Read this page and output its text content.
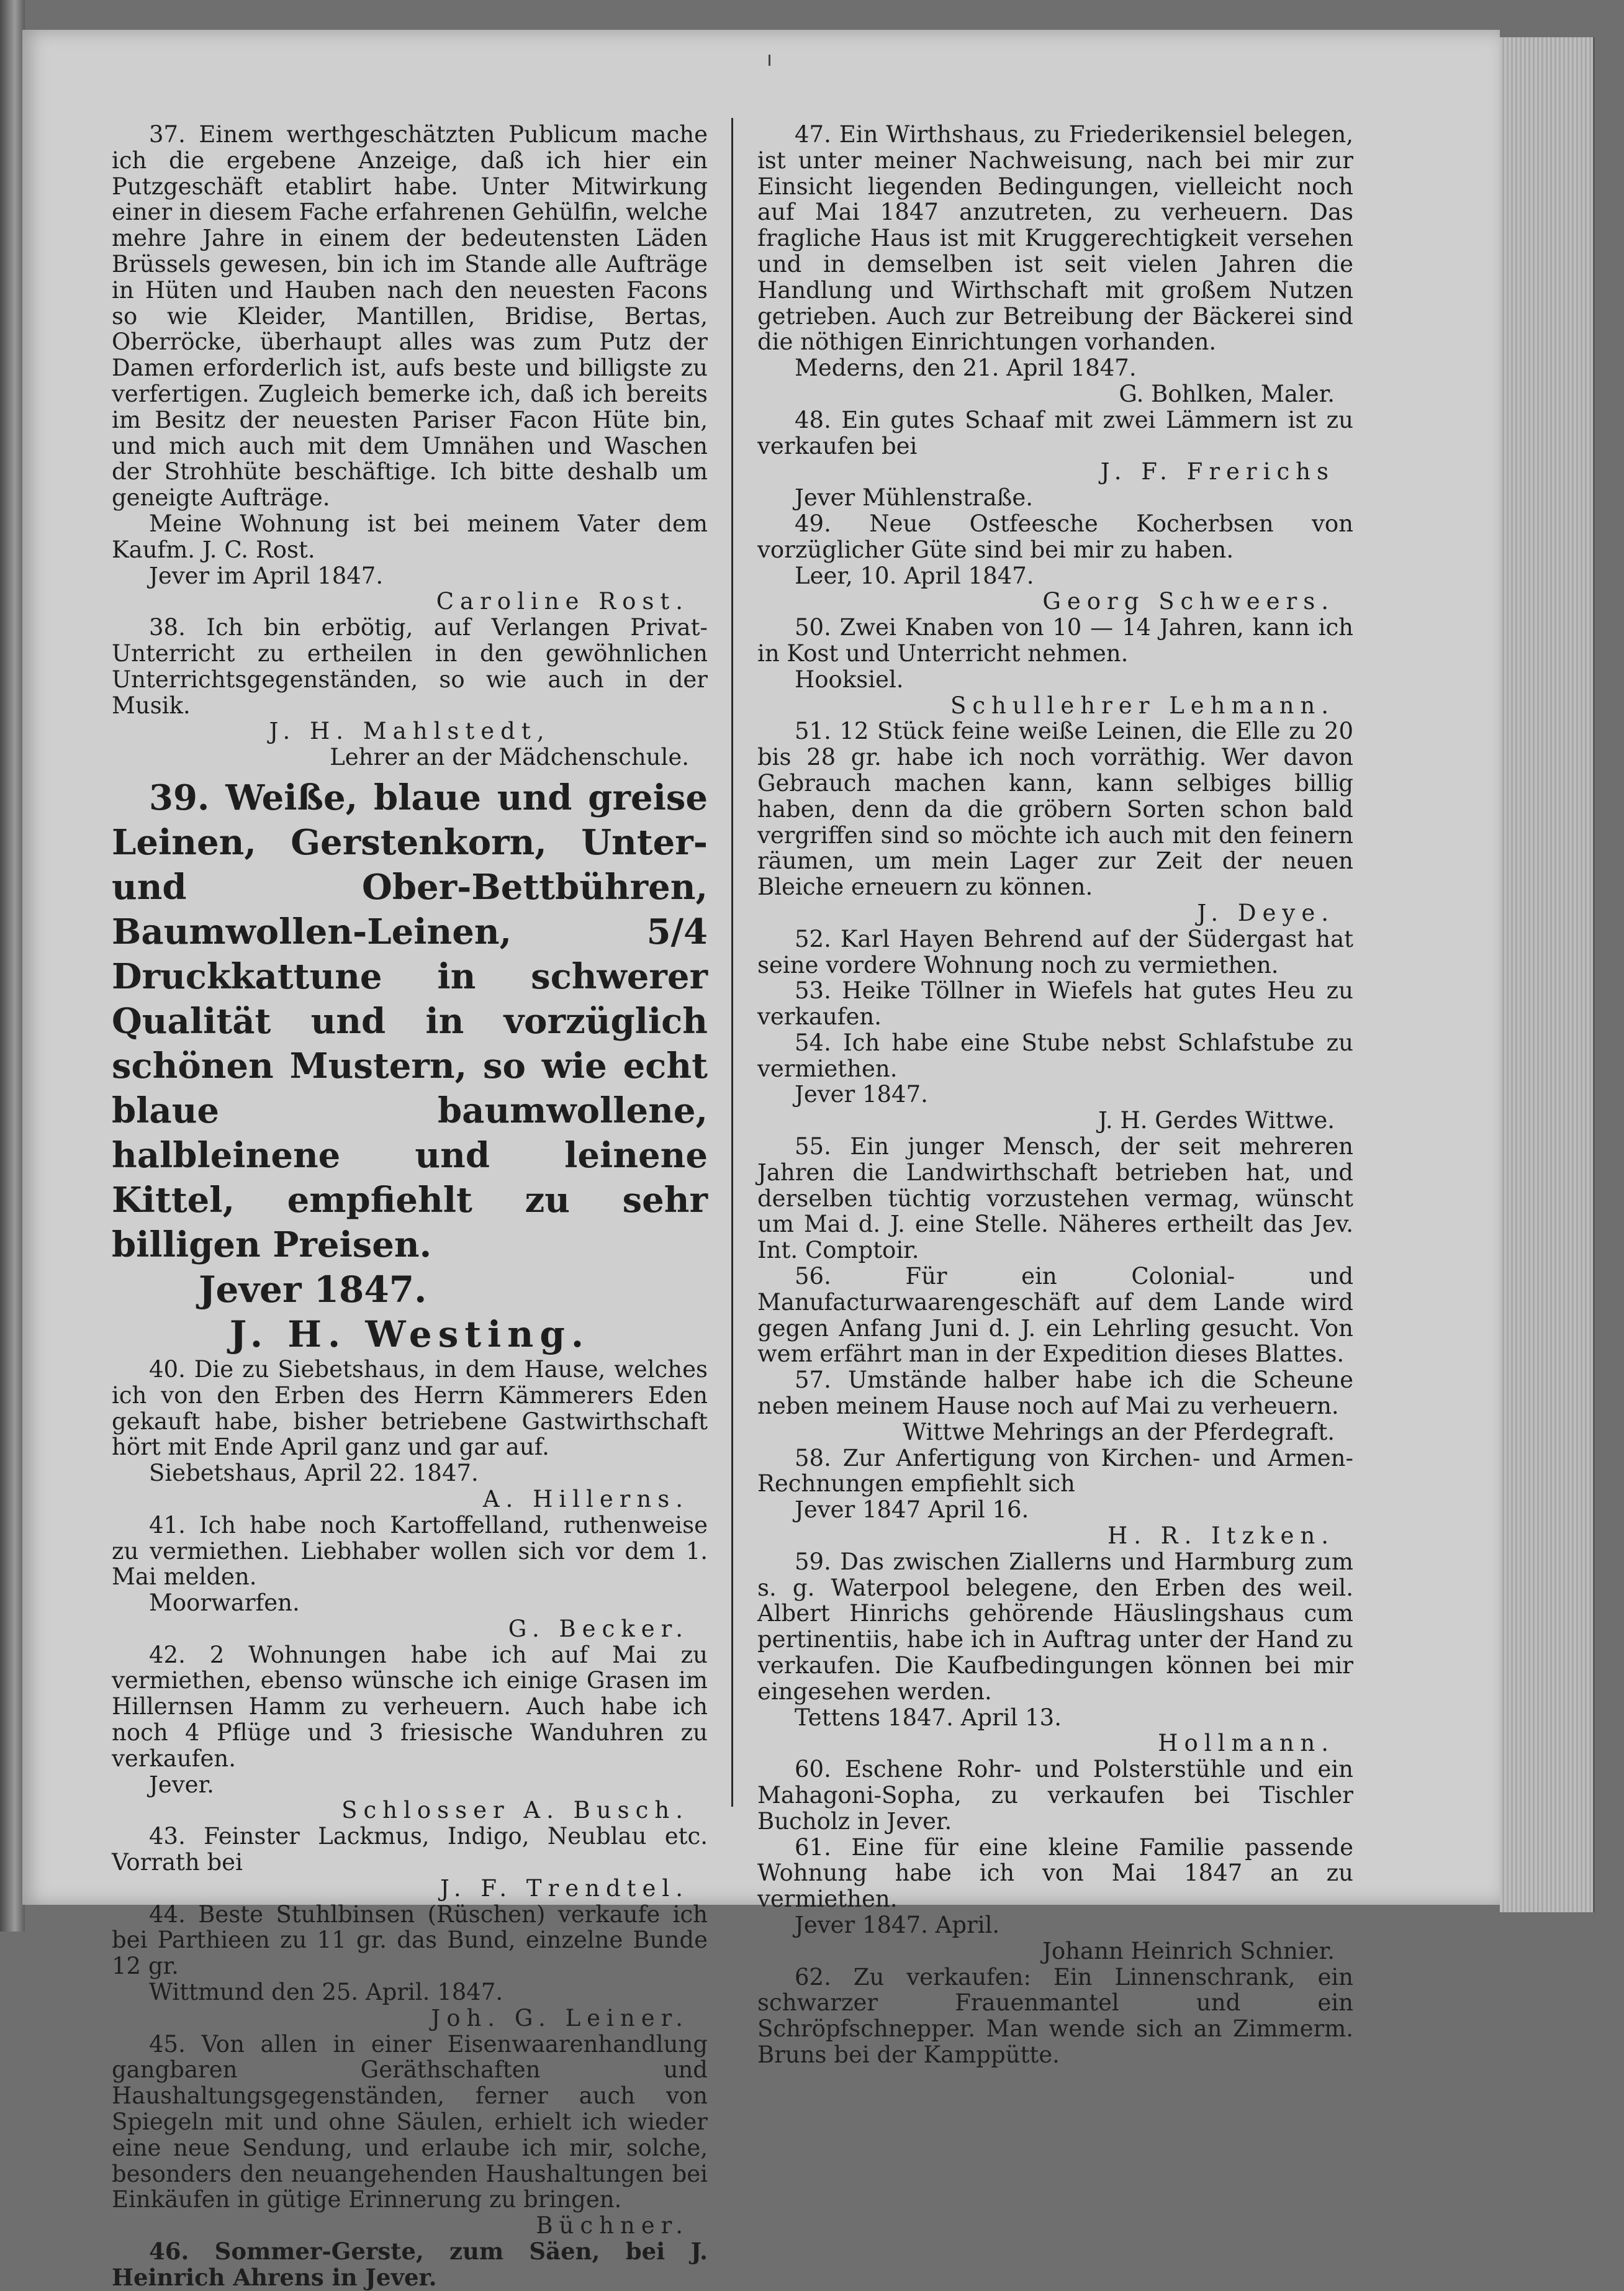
37. Einem werthgeschätzten Publicum mache ich die ergebene Anzeige, daß ich hier ein Putzgeschäft etablirt habe. Unter Mitwirkung einer in diesem Fache erfahrenen Gehülfin, welche mehre Jahre in einem der bedeutensten Läden Brüssels gewesen, bin ich im Stande alle Aufträge in Hüten und Hauben nach den neuesten Facons so wie Kleider, Mantillen, Bridise, Bertas, Oberröcke, überhaupt alles was zum Putz der Damen erforderlich ist, aufs beste und billigste zu verfertigen. Zugleich bemerke ich, daß ich bereits im Besitz der neuesten Pariser Facon Hüte bin, und mich auch mit dem Umnähen und Waschen der Strohhüte beschäftige. Ich bitte deshalb um geneigte Aufträge.

Meine Wohnung ist bei meinem Vater dem Kaufm. J. C. Rost.

Jever im April 1847.

Caroline Rost.

38. Ich bin erbötig, auf Verlangen Privat-Unterricht zu ertheilen in den gewöhnlichen Unterrichtsgegenständen, so wie auch in der Musik.

J. H. Mahlstedt,

Lehrer an der Mädchenschule.

39. Weiße, blaue und greise Leinen, Gerstenkorn, Unter- und Ober-Bettbühren, Baumwollen-Leinen, 5/4 Druckkattune in schwerer Qualität und in vorzüglich schönen Mustern, so wie echt blaue baumwollene, halbleinene und leinene Kittel, empfiehlt zu sehr billigen Preisen.

Jever 1847.

J. H. Westing.

40. Die zu Siebetshaus, in dem Hause, welches ich von den Erben des Herrn Kämmerers Eden gekauft habe, bisher betriebene Gastwirthschaft hört mit Ende April ganz und gar auf.

Siebetshaus, April 22. 1847.

A. Hillerns.

41. Ich habe noch Kartoffelland, ruthenweise zu vermiethen. Liebhaber wollen sich vor dem 1. Mai melden.

Moorwarfen.

G. Becker.

42. 2 Wohnungen habe ich auf Mai zu vermiethen, ebenso wünsche ich einige Grasen im Hillernsen Hamm zu verheuern. Auch habe ich noch 4 Pflüge und 3 friesische Wanduhren zu verkaufen.

Jever.

Schlosser A. Busch.

43. Feinster Lackmus, Indigo, Neublau etc. Vorrath bei

J. F. Trendtel.

44. Beste Stuhlbinsen (Rüschen) verkaufe ich bei Parthieen zu 11 gr. das Bund, einzelne Bunde 12 gr.

Wittmund den 25. April. 1847.

Joh. G. Leiner.

45. Von allen in einer Eisenwaarenhandlung gangbaren Geräthschaften und Haushaltungsgegenständen, ferner auch von Spiegeln mit und ohne Säulen, erhielt ich wieder eine neue Sendung, und erlaube ich mir, solche, besonders den neuangehenden Haushaltungen bei Einkäufen in gütige Erinnerung zu bringen.

Büchner.

46. Sommer-Gerste, zum Säen, bei J. Heinrich Ahrens in Jever.

47. Ein Wirthshaus, zu Friederikensiel belegen, ist unter meiner Nachweisung, nach bei mir zur Einsicht liegenden Bedingungen, vielleicht noch auf Mai 1847 anzutreten, zu verheuern. Das fragliche Haus ist mit Kruggerechtigkeit versehen und in demselben ist seit vielen Jahren die Handlung und Wirthschaft mit großem Nutzen getrieben. Auch zur Betreibung der Bäckerei sind die nöthigen Einrichtungen vorhanden.

Mederns, den 21. April 1847.

G. Bohlken, Maler.

48. Ein gutes Schaaf mit zwei Lämmern ist zu verkaufen bei

J. F. Frerichs

Jever Mühlenstraße.

49. Neue Ostfeesche Kocherbsen von vorzüglicher Güte sind bei mir zu haben.

Leer, 10. April 1847.

Georg Schweers.

50. Zwei Knaben von 10 — 14 Jahren, kann ich in Kost und Unterricht nehmen.

Hooksiel.

Schullehrer Lehmann.

51. 12 Stück feine weiße Leinen, die Elle zu 20 bis 28 gr. habe ich noch vorräthig. Wer davon Gebrauch machen kann, kann selbiges billig haben, denn da die gröbern Sorten schon bald vergriffen sind so möchte ich auch mit den feinern räumen, um mein Lager zur Zeit der neuen Bleiche erneuern zu können.

J. Deye.

52. Karl Hayen Behrend auf der Südergast hat seine vordere Wohnung noch zu vermiethen.

53. Heike Töllner in Wiefels hat gutes Heu zu verkaufen.

54. Ich habe eine Stube nebst Schlafstube zu vermiethen.

Jever 1847.

J. H. Gerdes Wittwe.

55. Ein junger Mensch, der seit mehreren Jahren die Landwirthschaft betrieben hat, und derselben tüchtig vorzustehen vermag, wünscht um Mai d. J. eine Stelle. Näheres ertheilt das Jev. Int. Comptoir.

56. Für ein Colonial- und Manufacturwaarengeschäft auf dem Lande wird gegen Anfang Juni d. J. ein Lehrling gesucht. Von wem erfährt man in der Expedition dieses Blattes.

57. Umstände halber habe ich die Scheune neben meinem Hause noch auf Mai zu verheuern.

Wittwe Mehrings an der Pferdegraft.

58. Zur Anfertigung von Kirchen- und Armen-Rechnungen empfiehlt sich

Jever 1847 April 16.

H. R. Itzken.

59. Das zwischen Ziallerns und Harmburg zum s. g. Waterpool belegene, den Erben des weil. Albert Hinrichs gehörende Häuslingshaus cum pertinentiis, habe ich in Auftrag unter der Hand zu verkaufen. Die Kaufbedingungen können bei mir eingesehen werden.

Tettens 1847. April 13.

Hollmann.

60. Eschene Rohr- und Polsterstühle und ein Mahagoni-Sopha, zu verkaufen bei Tischler Bucholz in Jever.

61. Eine für eine kleine Familie passende Wohnung habe ich von Mai 1847 an zu vermiethen.

Jever 1847. April.

Johann Heinrich Schnier.

62. Zu verkaufen: Ein Linnenschrank, ein schwarzer Frauenmantel und ein Schröpfschnepper. Man wende sich an Zimmerm. Bruns bei der Kamppütte.
